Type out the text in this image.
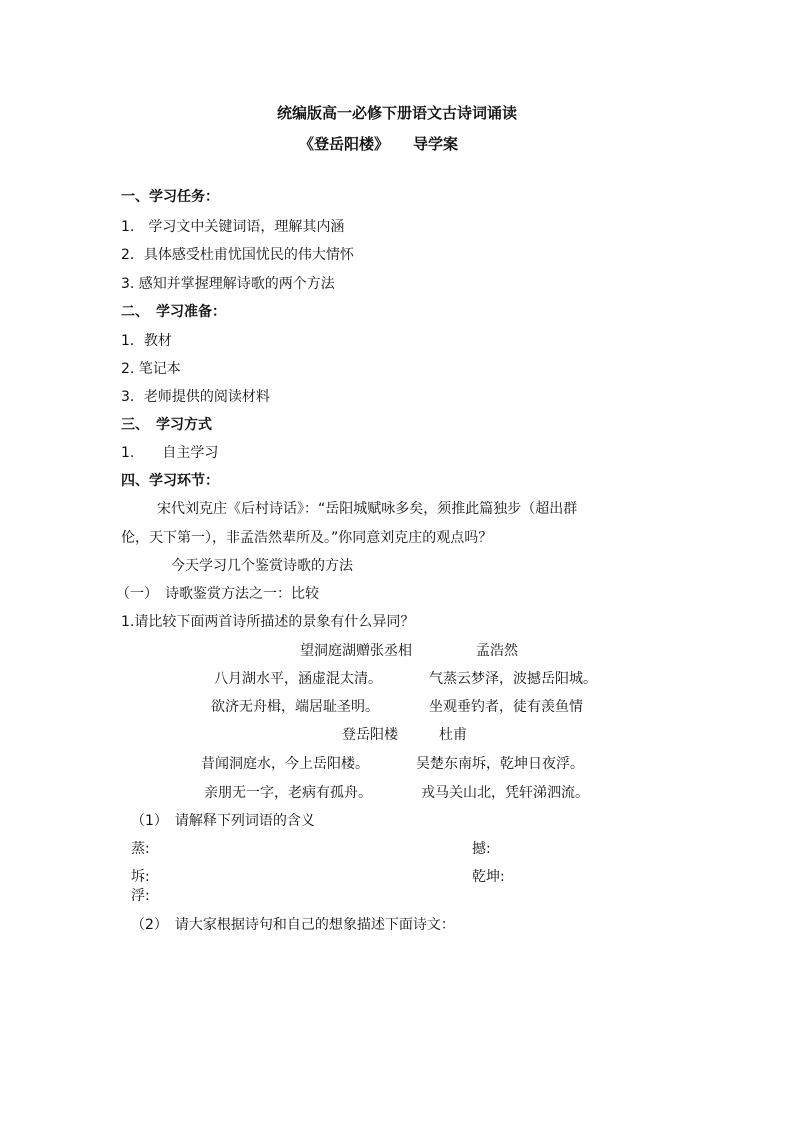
统编版高一必修下册语文古诗词诵读
《登岳阳楼》 导学案
一、学习任务：
1.　学习文中关键词语，理解其内涵
2．具体感受杜甫忧国忧民的伟大情怀
3. 感知并掌握理解诗歌的两个方法
二、　学习准备：
1．教材
2. 笔记本
3．老师提供的阅读材料
三、　学习方式
1.　　自主学习
四、学习环节：
宋代刘克庄《后村诗话》：“岳阳城赋咏多矣，须推此篇独步（超出群
伦，天下第一），非孟浩然辈所及。”你同意刘克庄的观点吗？
今天学习几个鉴赏诗歌的方法
（一）　诗歌鉴赏方法之一：比较
1.请比较下面两首诗所描述的景象有什么异同？
望洞庭湖赠张丞相	孟浩然
八月湖水平，涵虚混太清。	气蒸云梦泽，波撼岳阳城。
欲济无舟楫，端居耻圣明。	坐观垂钓者，徒有羡鱼情
登岳阳楼	杜甫
昔闻洞庭水，今上岳阳楼。	吴楚东南坼，乾坤日夜浮。
亲朋无一字，老病有孤舟。	戎马关山北，凭轩涕泗流。
（1）　请解释下列词语的含义
蒸:	撼:
坼:	乾坤:
浮:
（2）　请大家根据诗句和自己的想象描述下面诗文：
